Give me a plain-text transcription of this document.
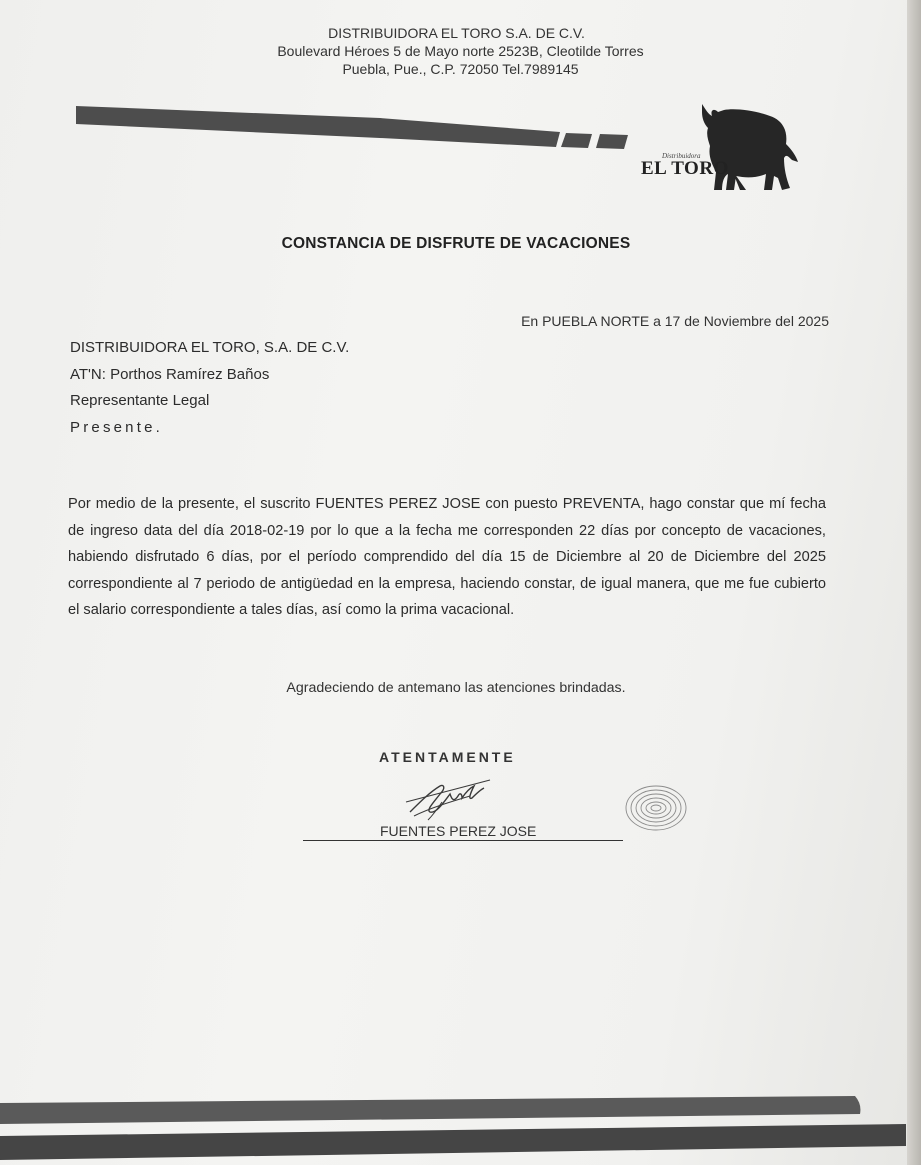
DISTRIBUIDORA EL TORO S.A. DE C.V.
Boulevard Héroes 5 de Mayo norte 2523B, Cleotilde Torres
Puebla, Pue., C.P. 72050 Tel.7989145
Distribuidora
EL TORO
CONSTANCIA DE DISFRUTE DE VACACIONES
En PUEBLA NORTE a 17 de Noviembre del 2025
DISTRIBUIDORA EL TORO, S.A. DE C.V.
AT'N: Porthos Ramírez Baños
Representante Legal
Presente.
Por medio de la presente, el suscrito FUENTES PEREZ JOSE con puesto PREVENTA, hago constar que mí fecha de ingreso data del día 2018-02-19 por lo que a la fecha me corresponden 22 días por concepto de vacaciones, habiendo disfrutado 6 días, por el período comprendido del día 15 de Diciembre al 20 de Diciembre del 2025 correspondiente al 7 periodo de antigüedad en la empresa, haciendo constar, de igual manera, que me fue cubierto el salario correspondiente a tales días, así como la prima vacacional.
Agradeciendo de antemano las atenciones brindadas.
ATENTAMENTE
FUENTES PEREZ JOSE
